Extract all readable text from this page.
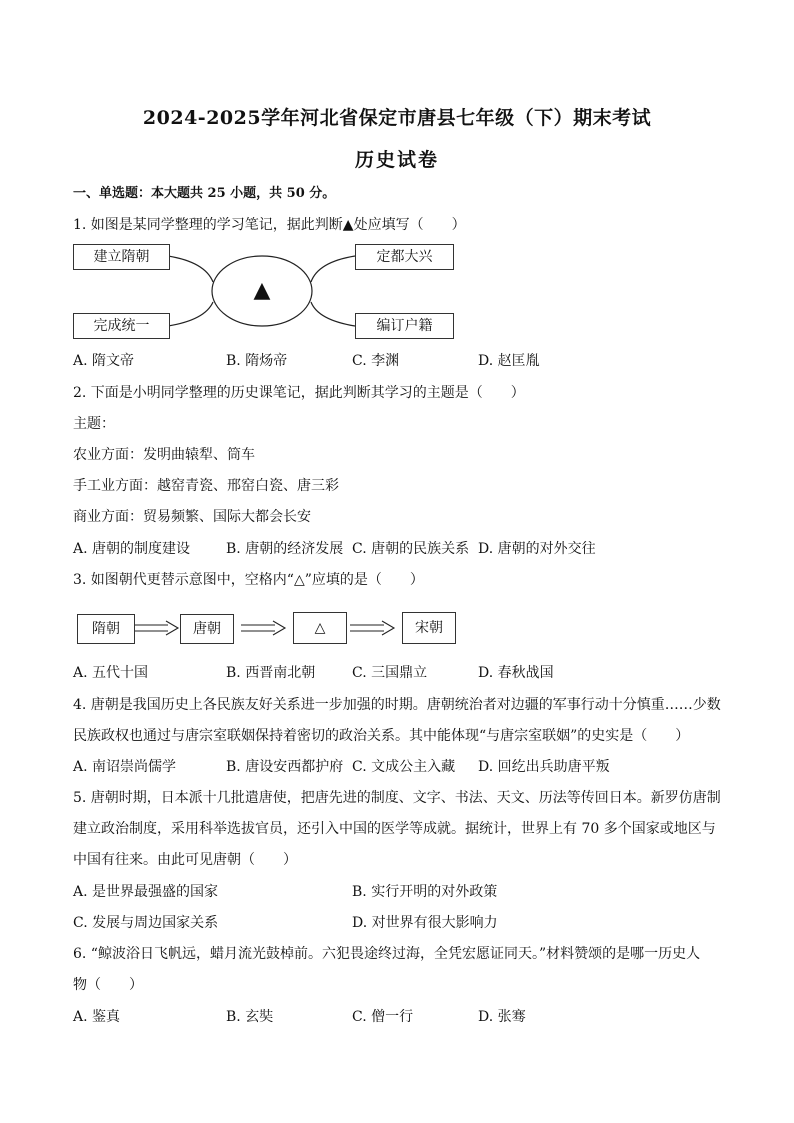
2024-2025学年河北省保定市唐县七年级（下）期末考试
历史试卷
一、单选题：本大题共 25 小题，共 50 分。
1. 如图是某同学整理的学习笔记，据此判断▲处应填写（　　）
建立隋朝
完成统一
定都大兴
编订户籍
▲
A. 隋文帝	B. 隋炀帝	C. 李渊	D. 赵匡胤
2. 下面是小明同学整理的历史课笔记，据此判断其学习的主题是（　　）
主题：
农业方面：发明曲辕犁、筒车
手工业方面：越窑青瓷、邢窑白瓷、唐三彩
商业方面：贸易频繁、国际大都会长安
A. 唐朝的制度建设	B. 唐朝的经济发展 C. 唐朝的民族关系 D. 唐朝的对外交往
3. 如图朝代更替示意图中，空格内“△”应填的是（　　）
隋朝	唐朝	△	宋朝
A. 五代十国	B. 西晋南北朝	C. 三国鼎立	D. 春秋战国
4. 唐朝是我国历史上各民族友好关系进一步加强的时期。唐朝统治者对边疆的军事行动十分慎重……少数
民族政权也通过与唐宗室联姻保持着密切的政治关系。其中能体现“与唐宗室联姻”的史实是（　　）
A. 南诏崇尚儒学	B. 唐设安西都护府 C. 文成公主入藏 D. 回纥出兵助唐平叛
5. 唐朝时期，日本派十几批遣唐使，把唐先进的制度、文字、书法、天文、历法等传回日本。新罗仿唐制
建立政治制度，采用科举选拔官员，还引入中国的医学等成就。据统计，世界上有 70 多个国家或地区与
中国有往来。由此可见唐朝（　　）
A. 是世界最强盛的国家	B. 实行开明的对外政策
C. 发展与周边国家关系	D. 对世界有很大影响力
6. “鲸波浴日飞帆远，蜡月流光鼓棹前。六犯畏途终过海，全凭宏愿证同天。”材料赞颂的是哪一历史人
物（　　）
A. 鉴真	B. 玄奘	C. 僧一行	D. 张骞
